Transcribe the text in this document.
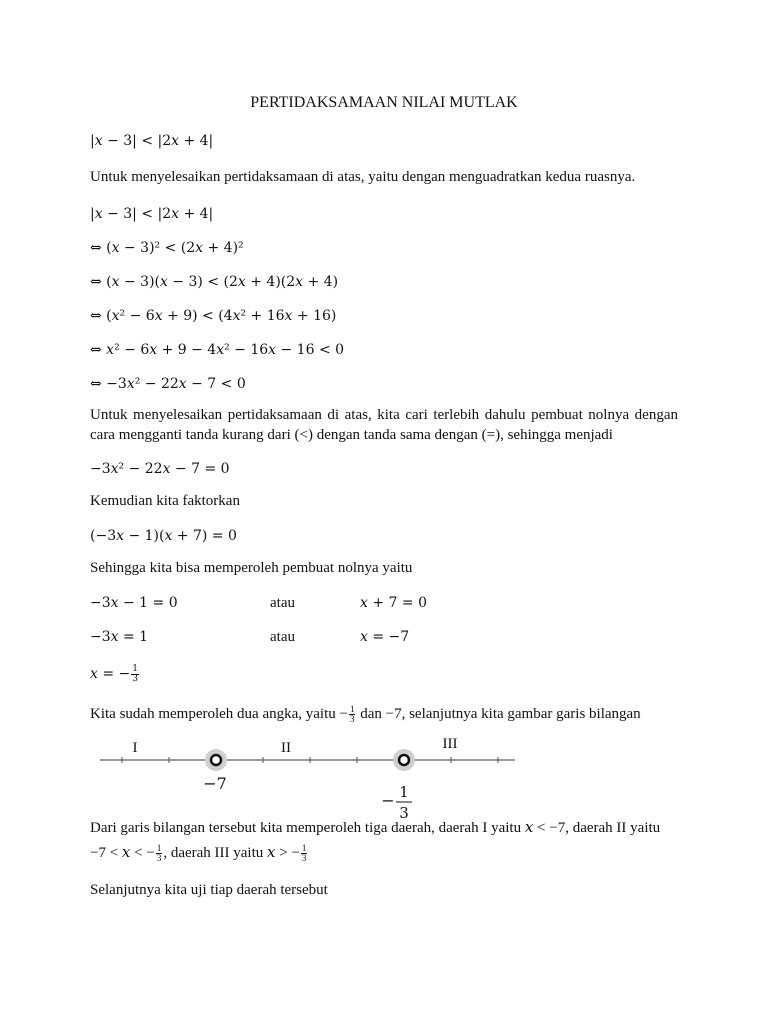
PERTIDAKSAMAAN NILAI MUTLAK
|𝑥 − 3| < |2𝑥 + 4|
Untuk menyelesaikan pertidaksamaan di atas, yaitu dengan menguadratkan kedua ruasnya.
|𝑥 − 3| < |2𝑥 + 4|
⇔ (𝑥 − 3)² < (2𝑥 + 4)²
⇔ (𝑥 − 3)(𝑥 − 3) < (2𝑥 + 4)(2𝑥 + 4)
⇔ (𝑥² − 6𝑥 + 9) < (4𝑥² + 16𝑥 + 16)
⇔ 𝑥² − 6𝑥 + 9 − 4𝑥² − 16𝑥 − 16 < 0
⇔ −3𝑥² − 22𝑥 − 7 < 0
Untuk menyelesaikan pertidaksamaan di atas, kita cari terlebih dahulu pembuat nolnya dengan cara mengganti tanda kurang dari (<) dengan tanda sama dengan (=), sehingga menjadi
−3𝑥² − 22𝑥 − 7 = 0
Kemudian kita faktorkan
(−3𝑥 − 1)(𝑥 + 7) = 0
Sehingga kita bisa memperoleh pembuat nolnya yaitu
−3𝑥 − 1 = 0	atau	𝑥 + 7 = 0
−3𝑥 = 1	atau	𝑥 = −7
𝑥 = − $\frac{1}{3}$
Kita sudah memperoleh dua angka, yaitu − $\frac{1}{3}$ dan −7, selanjutnya kita gambar garis bilangan
I	II	III
−7
− 1
3
Dari garis bilangan tersebut kita memperoleh tiga daerah, daerah I yaitu 𝑥 < −7, daerah II yaitu
−7 < 𝑥 < − $\frac{1}{3}$ , daerah III yaitu 𝑥 > − $\frac{1}{3}$
Selanjutnya kita uji tiap daerah tersebut
